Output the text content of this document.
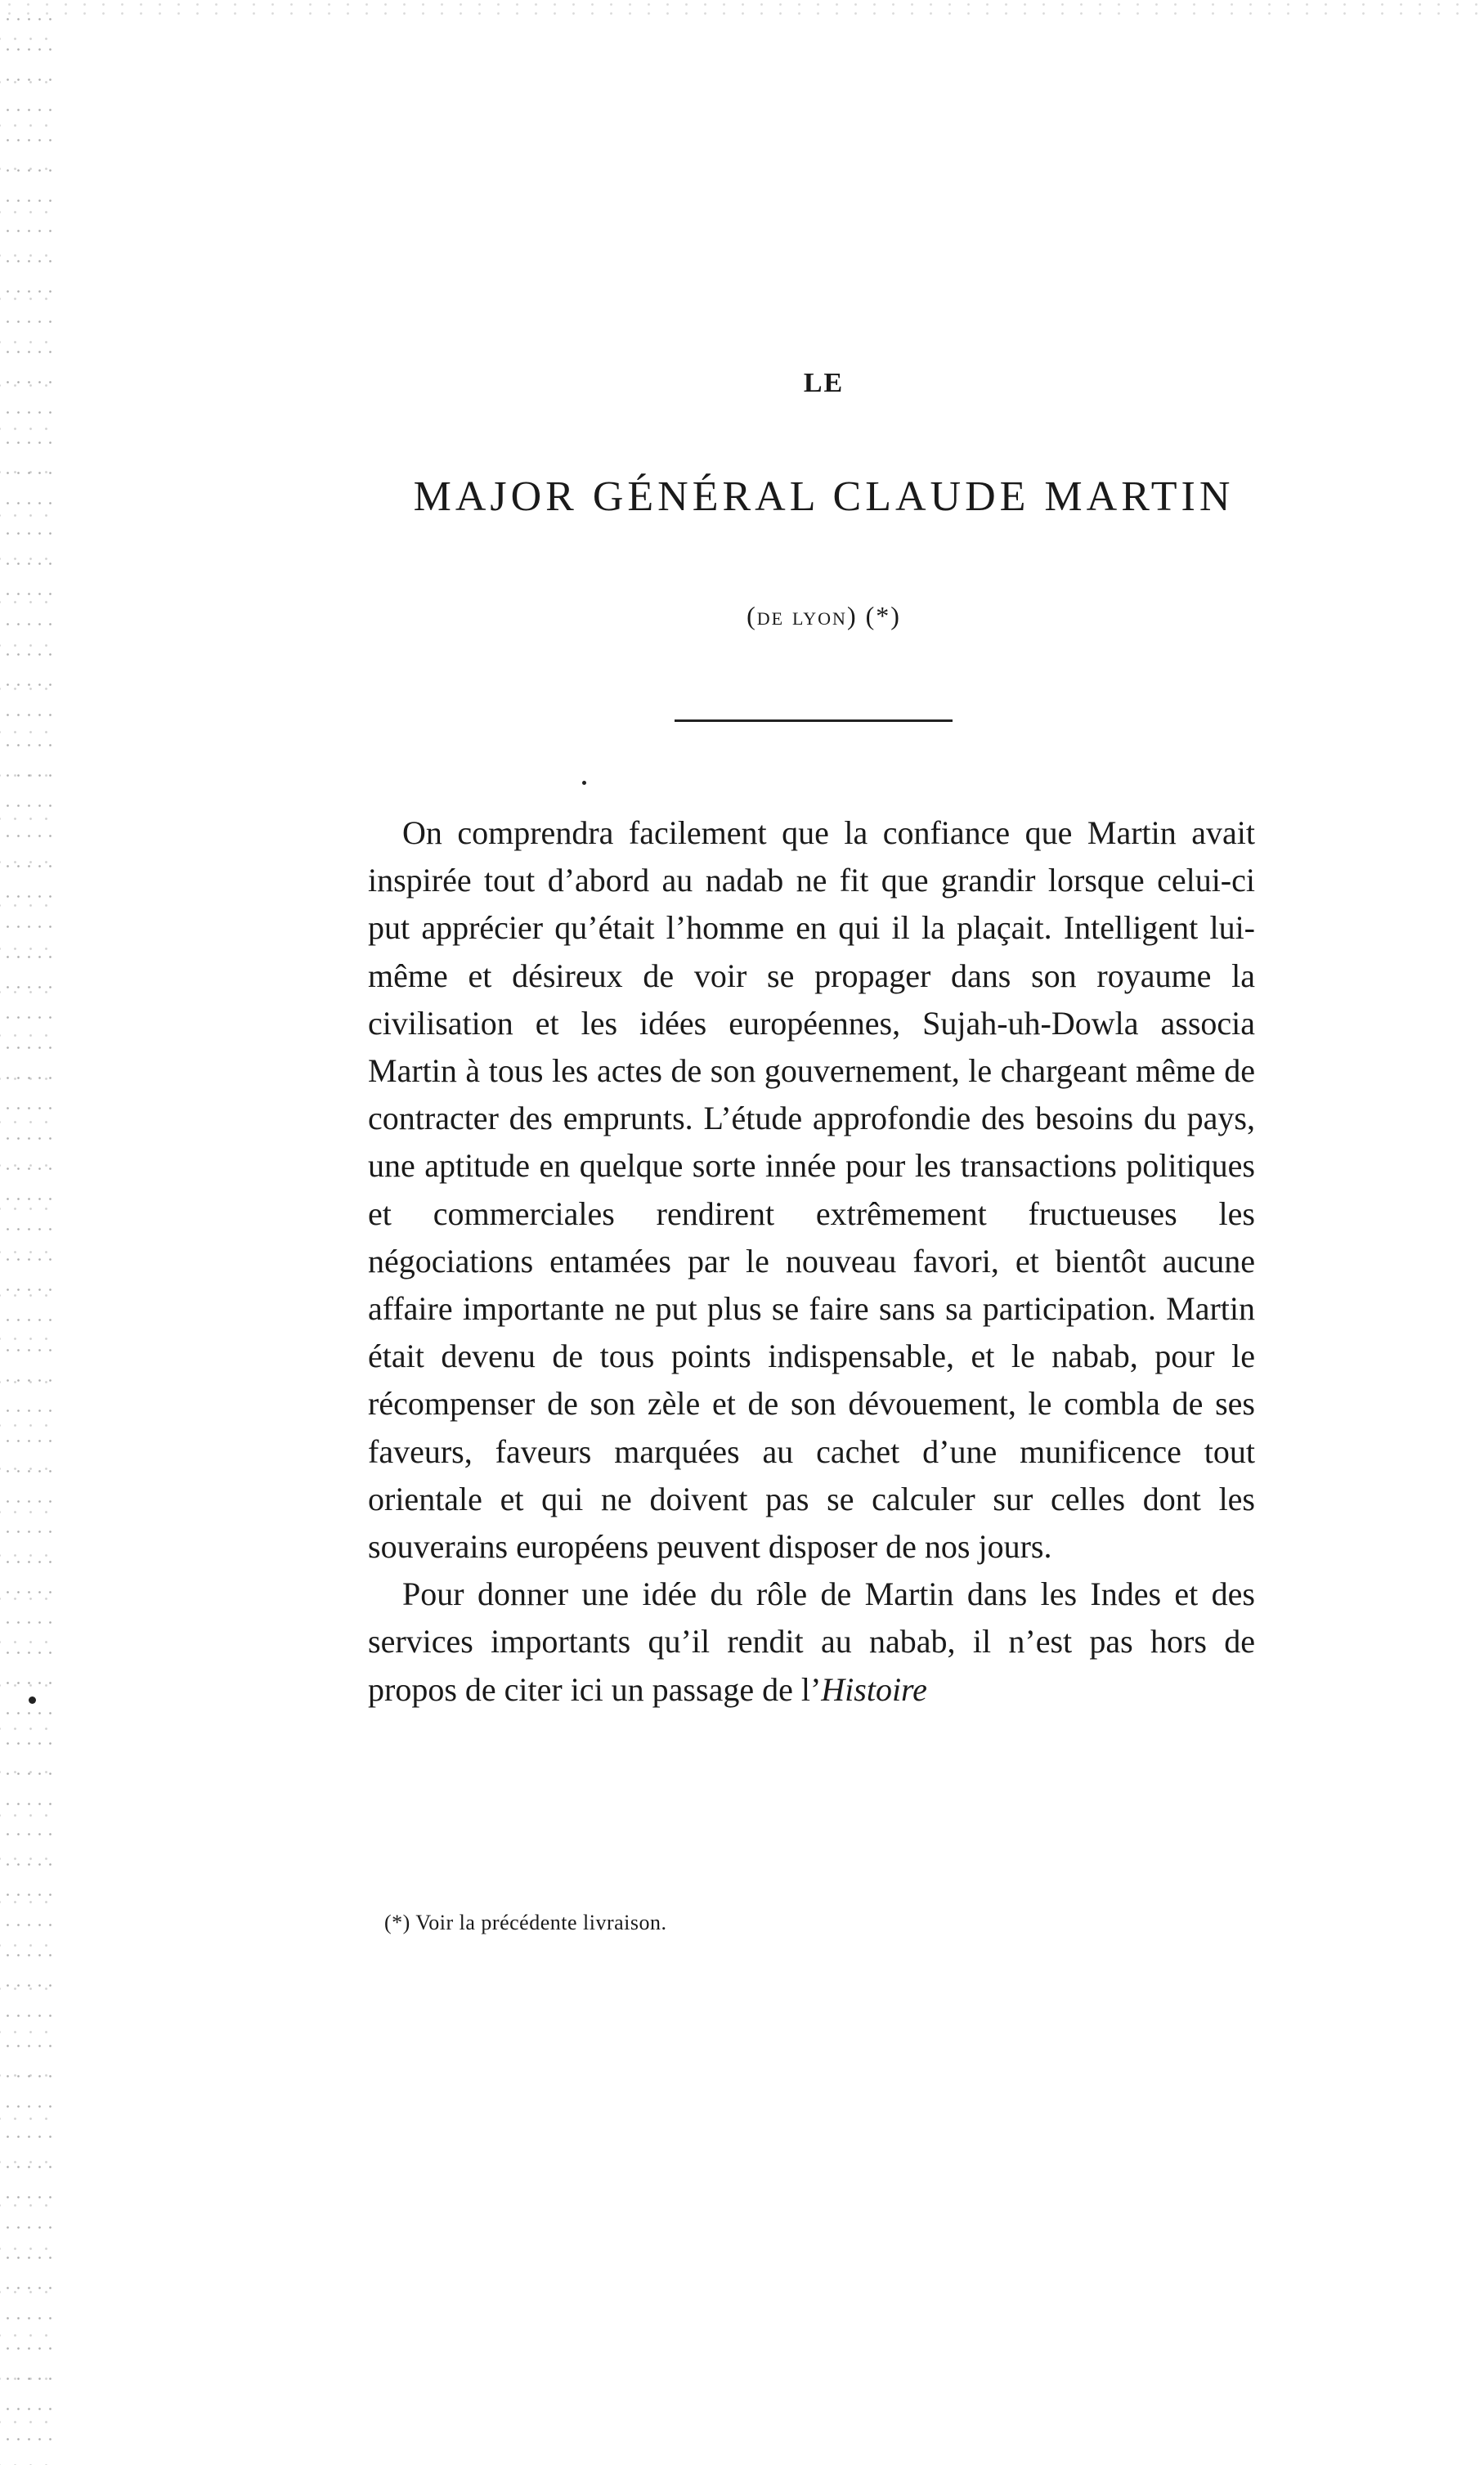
LE
MAJOR GÉNÉRAL CLAUDE MARTIN
(de lyon) (*)

On comprendra facilement que la confiance que Martin avait inspirée tout d’abord au nadab ne fit que grandir lorsque celui-ci put apprécier qu’était l’homme en qui il la plaçait. Intelligent lui-même et désireux de voir se propager dans son royaume la civilisation et les idées européennes, Sujah-uh-Dowla associa Martin à tous les actes de son gouvernement, le chargeant même de contracter des emprunts. L’étude approfondie des besoins du pays, une aptitude en quelque sorte innée pour les transactions politiques et commerciales rendirent extrêmement fructueuses les négociations entamées par le nouveau favori, et bientôt aucune affaire importante ne put plus se faire sans sa participation. Martin était devenu de tous points indispensable, et le nabab, pour le récompenser de son zèle et de son dévouement, le combla de ses faveurs, faveurs marquées au cachet d’une munificence tout orientale et qui ne doivent pas se calculer sur celles dont les souverains européens peuvent disposer de nos jours.

Pour donner une idée du rôle de Martin dans les Indes et des services importants qu’il rendit au nabab, il n’est pas hors de propos de citer ici un passage de l’Histoire

(*) Voir la précédente livraison.
